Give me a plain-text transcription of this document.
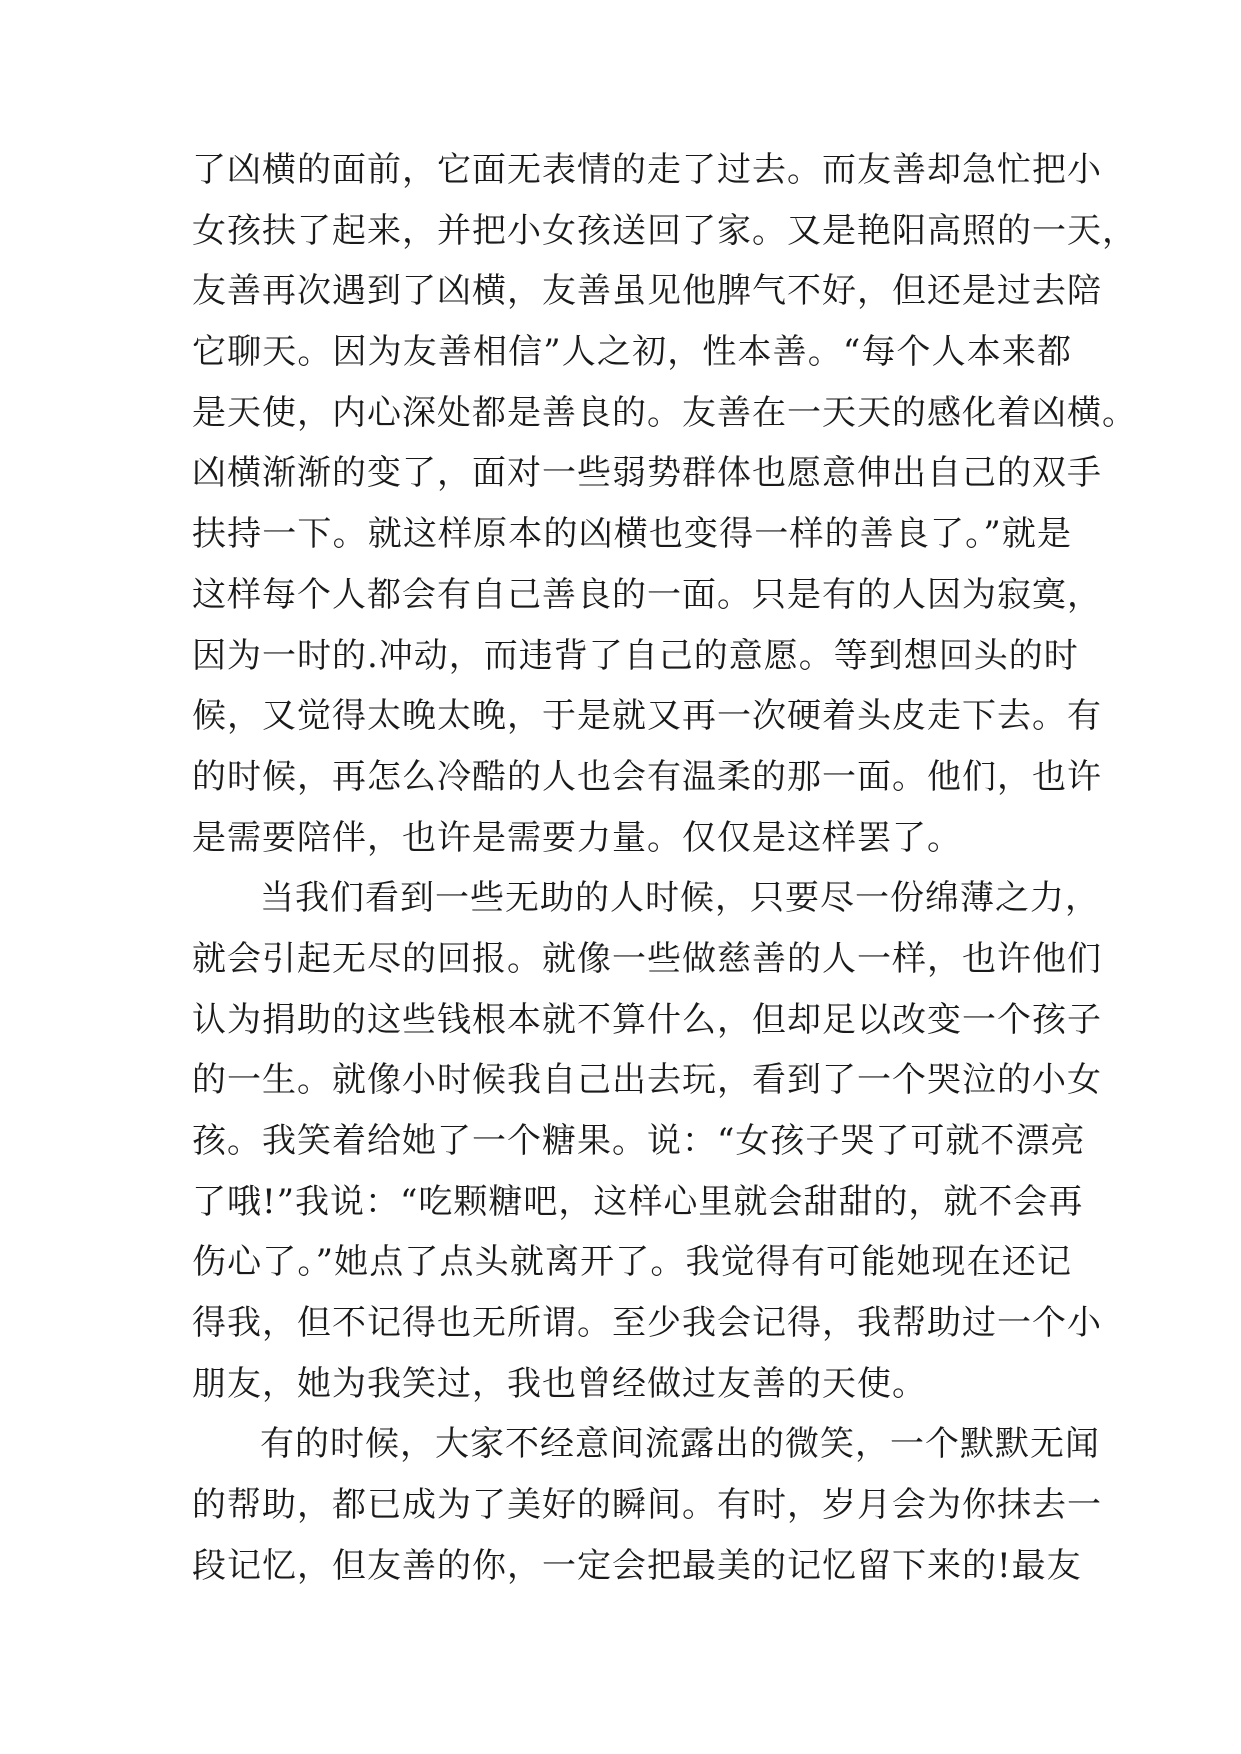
了凶横的面前，它面无表情的走了过去。而友善却急忙把小
女孩扶了起来，并把小女孩送回了家。又是艳阳高照的一天，
友善再次遇到了凶横，友善虽见他脾气不好，但还是过去陪
它聊天。因为友善相信”人之初，性本善。“每个人本来都
是天使，内心深处都是善良的。友善在一天天的感化着凶横。
凶横渐渐的变了，面对一些弱势群体也愿意伸出自己的双手
扶持一下。就这样原本的凶横也变得一样的善良了。”就是
这样每个人都会有自己善良的一面。只是有的人因为寂寞，
因为一时的.冲动，而违背了自己的意愿。等到想回头的时
候，又觉得太晚太晚，于是就又再一次硬着头皮走下去。有
的时候，再怎么冷酷的人也会有温柔的那一面。他们，也许
是需要陪伴，也许是需要力量。仅仅是这样罢了。
当我们看到一些无助的人时候，只要尽一份绵薄之力，
就会引起无尽的回报。就像一些做慈善的人一样，也许他们
认为捐助的这些钱根本就不算什么，但却足以改变一个孩子
的一生。就像小时候我自己出去玩，看到了一个哭泣的小女
孩。我笑着给她了一个糖果。说：“女孩子哭了可就不漂亮
了哦!”我说：“吃颗糖吧，这样心里就会甜甜的，就不会再
伤心了。”她点了点头就离开了。我觉得有可能她现在还记
得我，但不记得也无所谓。至少我会记得，我帮助过一个小
朋友，她为我笑过，我也曾经做过友善的天使。
有的时候，大家不经意间流露出的微笑，一个默默无闻
的帮助，都已成为了美好的瞬间。有时，岁月会为你抹去一
段记忆，但友善的你，一定会把最美的记忆留下来的!最友
